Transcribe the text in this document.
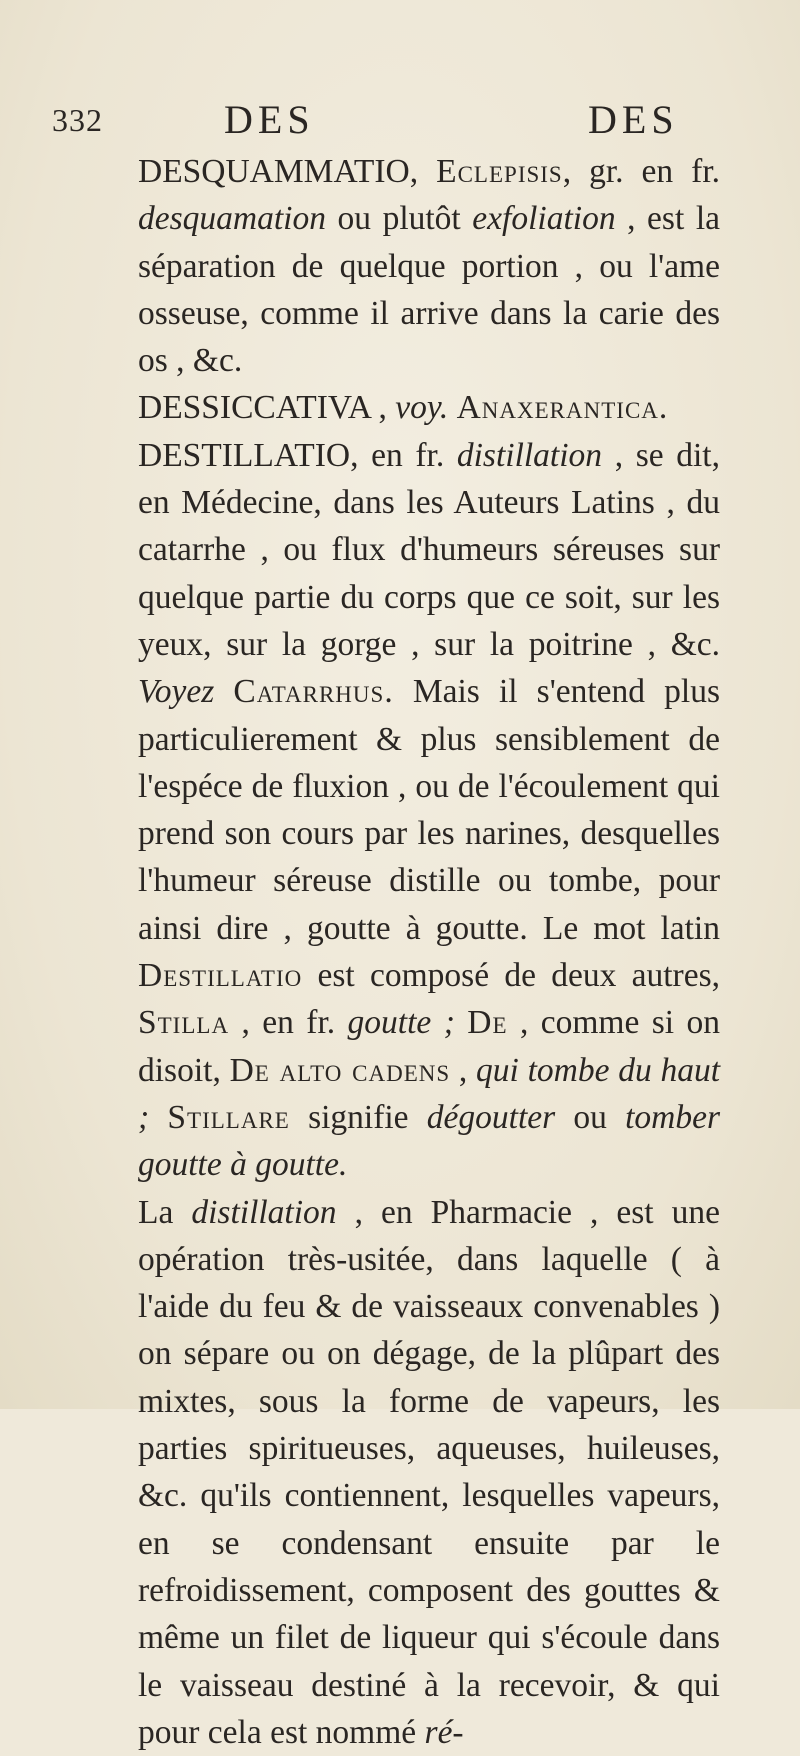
332	DES	DES

DESQUAMMATIO, Eclepisis, gr. en fr. desquamation ou plutôt exfoliation , est la séparation de quelque portion , ou l'ame osseuse, comme il arrive dans la carie des os , &c.

DESSICCATIVA , voy. Anaxerantica.

DESTILLATIO, en fr. distillation , se dit, en Médecine, dans les Auteurs Latins , du catarrhe , ou flux d'humeurs séreuses sur quelque partie du corps que ce soit, sur les yeux, sur la gorge , sur la poitrine , &c. Voyez Catarrhus. Mais il s'entend plus particulierement & plus sensiblement de l'espéce de fluxion , ou de l'écoulement qui prend son cours par les narines, desquelles l'humeur séreuse distille ou tombe, pour ainsi dire , goutte à goutte. Le mot latin Destillatio est composé de deux autres, Stilla , en fr. goutte ; De , comme si on disoit, De alto cadens , qui tombe du haut ; Stillare signifie dégoutter ou tomber goutte à goutte.

La distillation , en Pharmacie , est une opération très-usitée, dans laquelle ( à l'aide du feu & de vaisseaux convenables ) on sépare ou on dégage, de la plûpart des mixtes, sous la forme de vapeurs, les parties spiritueuses, aqueuses, huileuses, &c. qu'ils contiennent, lesquelles vapeurs, en se condensant ensuite par le refroidissement, composent des gouttes & même un filet de liqueur qui s'écoule dans le vaisseau destiné à la recevoir, & qui pour cela est nommé ré-
